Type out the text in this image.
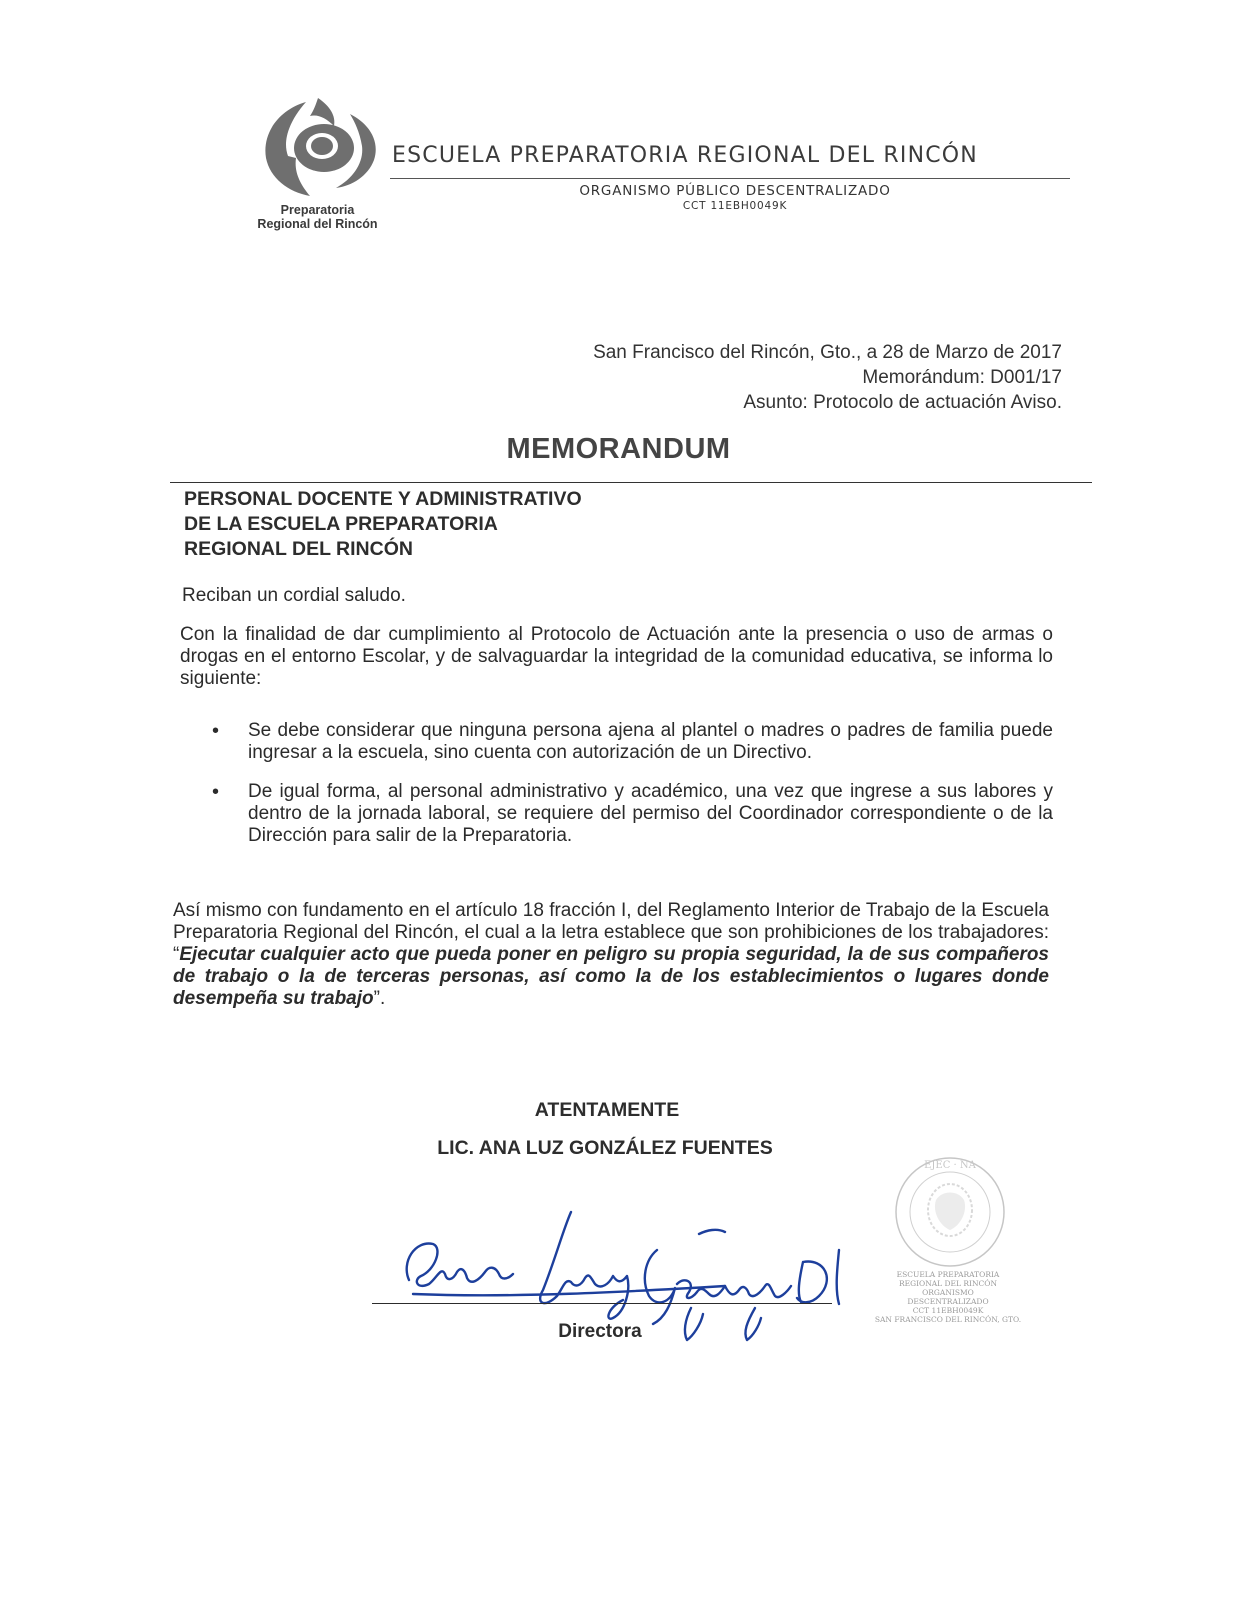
Preparatoria
Regional del Rincón
ESCUELA PREPARATORIA REGIONAL DEL RINCÓN
ORGANISMO PÚBLICO DESCENTRALIZADO
CCT 11EBH0049K
San Francisco del Rincón, Gto., a 28 de Marzo de 2017
Memorándum: D001/17
Asunto: Protocolo de actuación Aviso.
MEMORANDUM
PERSONAL DOCENTE Y ADMINISTRATIVO
DE LA ESCUELA PREPARATORIA
REGIONAL DEL RINCÓN

Reciban un cordial saludo.

Con la finalidad de dar cumplimiento al Protocolo de Actuación ante la presencia o uso de armas o drogas en el entorno Escolar, y de salvaguardar la integridad de la comunidad educativa, se informa lo siguiente:

• Se debe considerar que ninguna persona ajena al plantel o madres o padres de familia puede ingresar a la escuela, sino cuenta con autorización de un Directivo.
• De igual forma, al personal administrativo y académico, una vez que ingrese a sus labores y dentro de la jornada laboral, se requiere del permiso del Coordinador correspondiente o de la Dirección para salir de la Preparatoria.

Así mismo con fundamento en el artículo 18 fracción I, del Reglamento Interior de Trabajo de la Escuela Preparatoria Regional del Rincón, el cual a la letra establece que son prohibiciones de los trabajadores: “Ejecutar cualquier acto que pueda poner en peligro su propia seguridad, la de sus compañeros de trabajo o la de terceras personas, así como la de los establecimientos o lugares donde desempeña su trabajo”.

ATENTAMENTE
LIC. ANA LUZ GONZÁLEZ FUENTES
Directora
EJEC · NA
ESCUELA PREPARATORIA
REGIONAL DEL RINCÓN
ORGANISMO
DESCENTRALIZADO
CCT 11EBH0049K
SAN FRANCISCO DEL RINCÓN, GTO.
